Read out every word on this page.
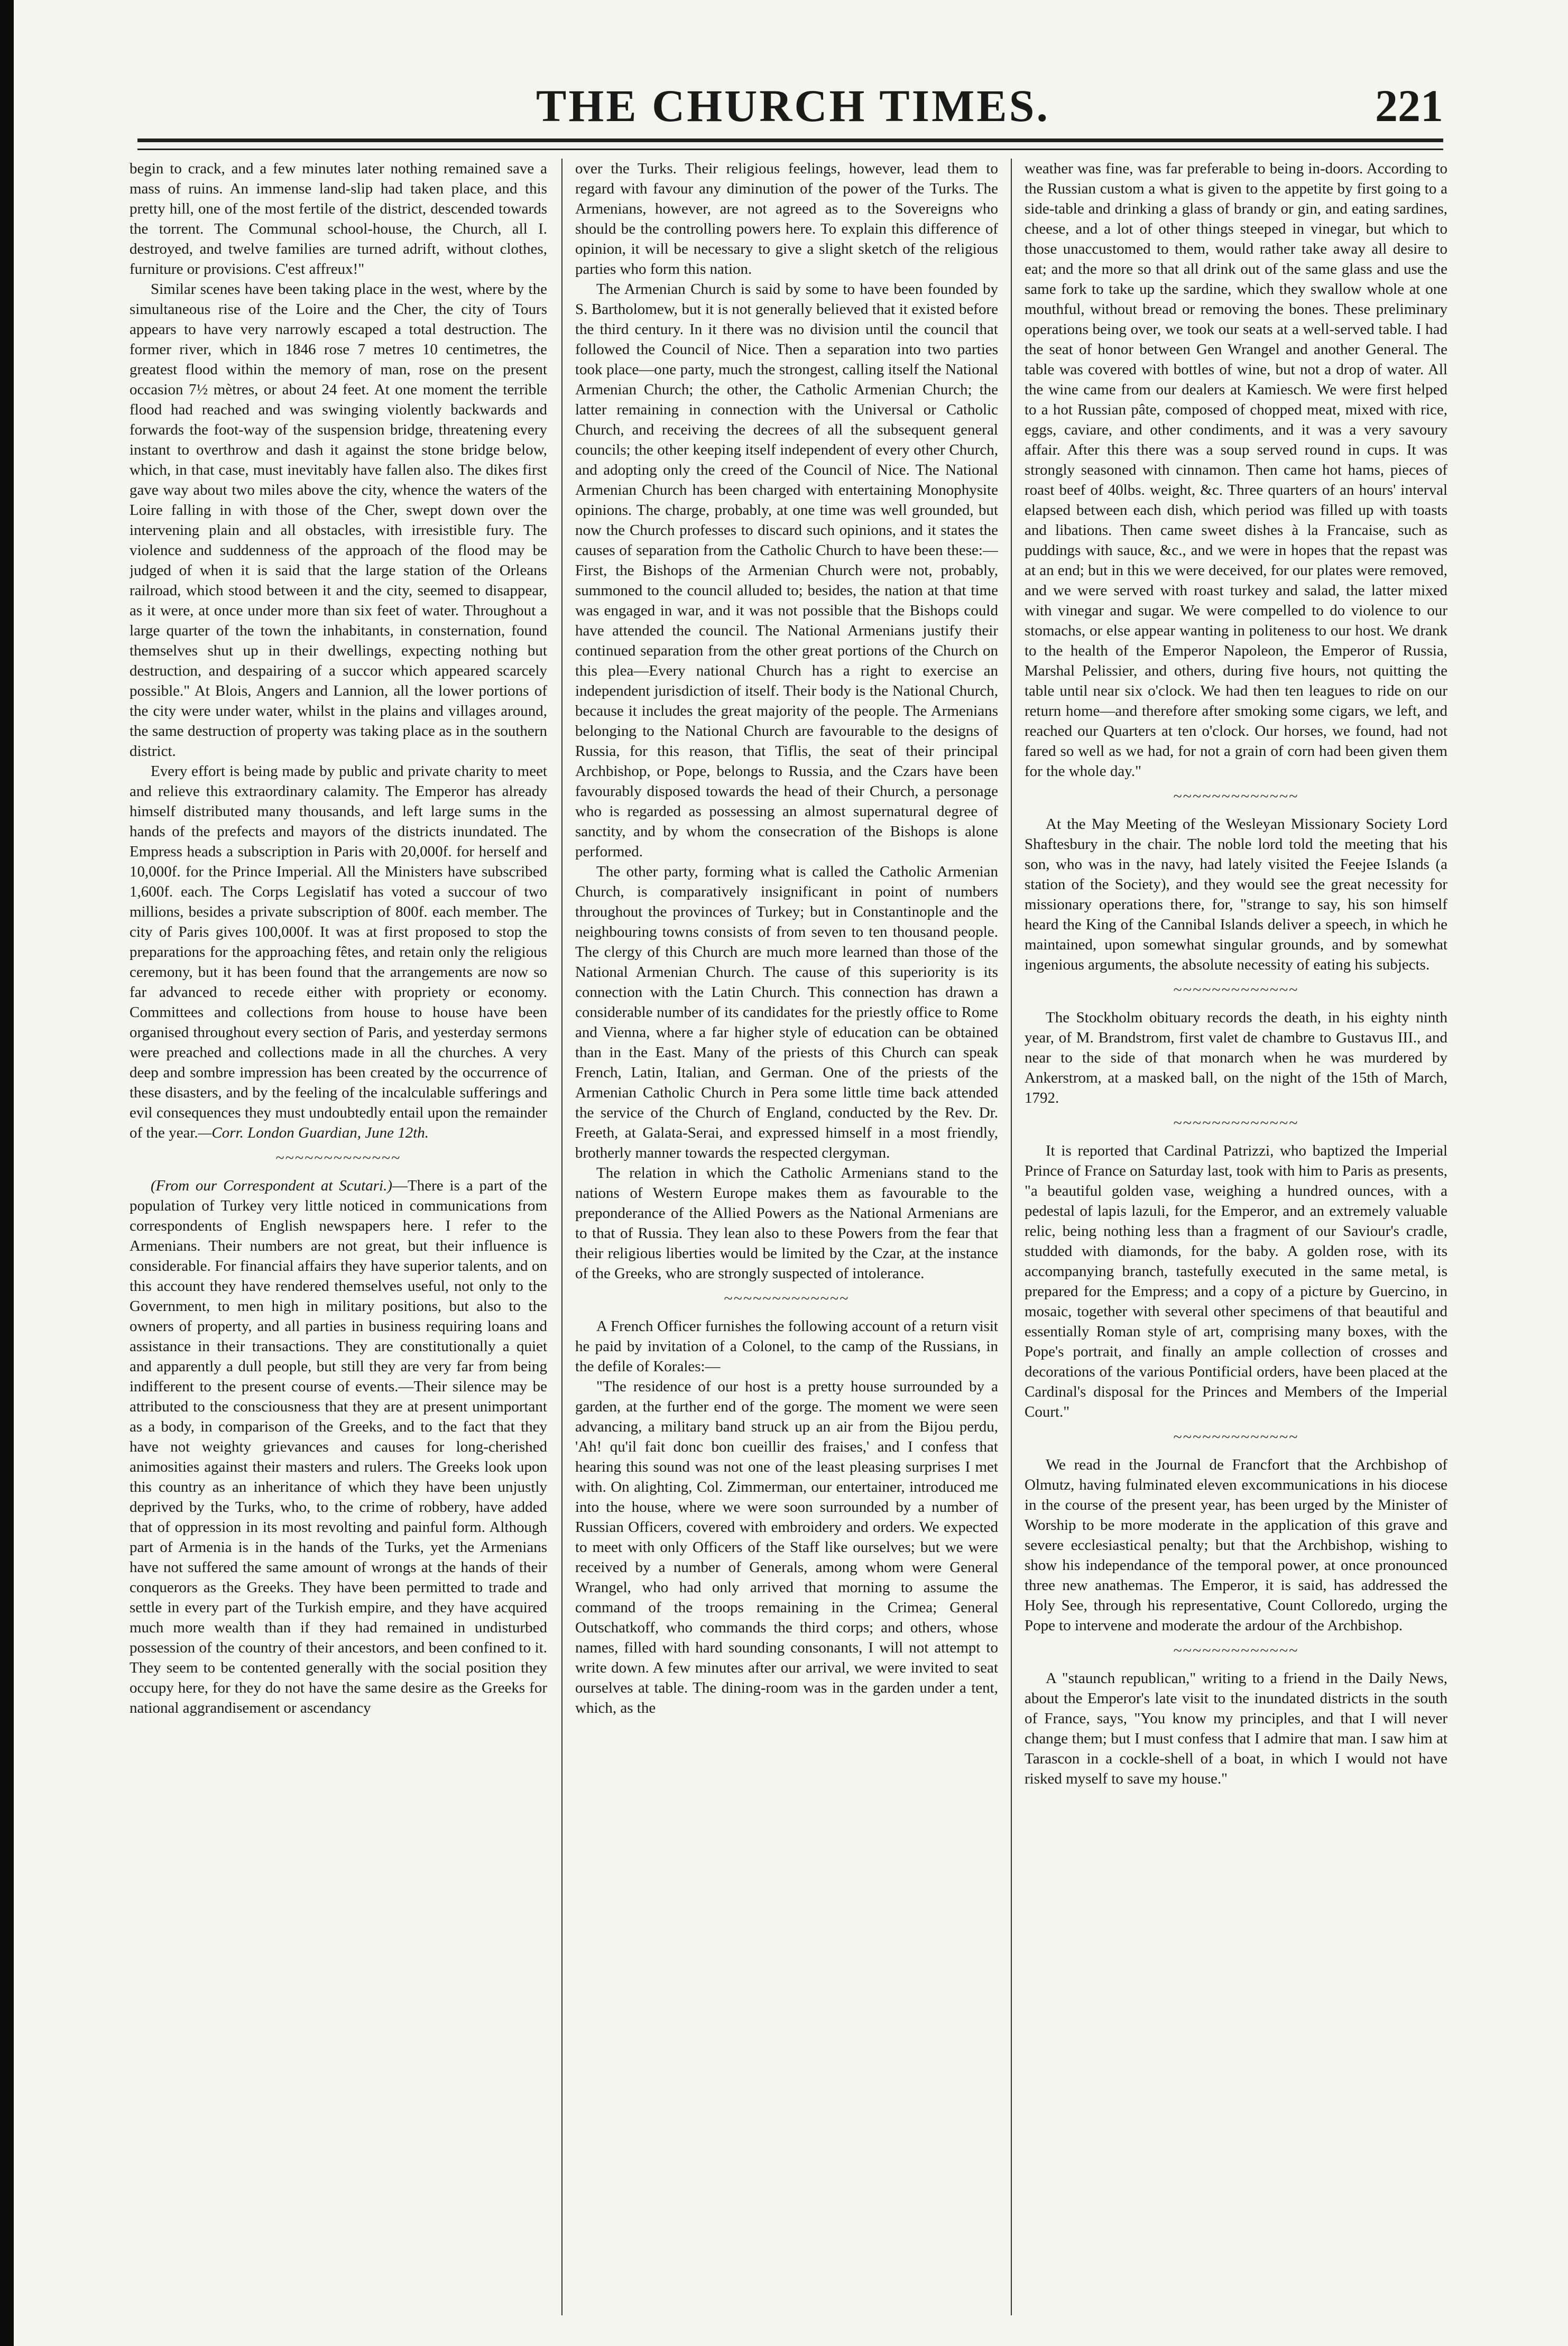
THE CHURCH TIMES.	221

begin to crack, and a few minutes later nothing remained save a mass of ruins. An immense land-slip had taken place, and this pretty hill, one of the most fertile of the district, descended towards the torrent. The Communal school-house, the Church, all I. destroyed, and twelve families are turned adrift, without clothes, furniture or provisions. C'est affreux!"

Similar scenes have been taking place in the west, where by the simultaneous rise of the Loire and the Cher, the city of Tours appears to have very narrowly escaped a total destruction. The former river, which in 1846 rose 7 metres 10 centimetres, the greatest flood within the memory of man, rose on the present occasion 7½ mètres, or about 24 feet. At one moment the terrible flood had reached and was swinging violently backwards and forwards the foot-way of the suspension bridge, threatening every instant to overthrow and dash it against the stone bridge below, which, in that case, must inevitably have fallen also. The dikes first gave way about two miles above the city, whence the waters of the Loire falling in with those of the Cher, swept down over the intervening plain and all obstacles, with irresistible fury. The violence and suddenness of the approach of the flood may be judged of when it is said that the large station of the Orleans railroad, which stood between it and the city, seemed to disappear, as it were, at once under more than six feet of water. Throughout a large quarter of the town the inhabitants, in consternation, found themselves shut up in their dwellings, expecting nothing but destruction, and despairing of a succor which appeared scarcely possible." At Blois, Angers and Lannion, all the lower portions of the city were under water, whilst in the plains and villages around, the same destruction of property was taking place as in the southern district.

Every effort is being made by public and private charity to meet and relieve this extraordinary calamity. The Emperor has already himself distributed many thousands, and left large sums in the hands of the prefects and mayors of the districts inundated. The Empress heads a subscription in Paris with 20,000f. for herself and 10,000f. for the Prince Imperial. All the Ministers have subscribed 1,600f. each. The Corps Legislatif has voted a succour of two millions, besides a private subscription of 800f. each member. The city of Paris gives 100,000f. It was at first proposed to stop the preparations for the approaching fêtes, and retain only the religious ceremony, but it has been found that the arrangements are now so far advanced to recede either with propriety or economy. Committees and collections from house to house have been organised throughout every section of Paris, and yesterday sermons were preached and collections made in all the churches. A very deep and sombre impression has been created by the occurrence of these disasters, and by the feeling of the incalculable sufferings and evil consequences they must undoubtedly entail upon the remainder of the year.—Corr. London Guardian, June 12th.

~~~~~~~~~~~~~

(From our Correspondent at Scutari.)—There is a part of the population of Turkey very little noticed in communications from correspondents of English newspapers here. I refer to the Armenians. Their numbers are not great, but their influence is considerable. For financial affairs they have superior talents, and on this account they have rendered themselves useful, not only to the Government, to men high in military positions, but also to the owners of property, and all parties in business requiring loans and assistance in their transactions. They are constitutionally a quiet and apparently a dull people, but still they are very far from being indifferent to the present course of events.—Their silence may be attributed to the consciousness that they are at present unimportant as a body, in comparison of the Greeks, and to the fact that they have not weighty grievances and causes for long-cherished animosities against their masters and rulers. The Greeks look upon this country as an inheritance of which they have been unjustly deprived by the Turks, who, to the crime of robbery, have added that of oppression in its most revolting and painful form. Although part of Armenia is in the hands of the Turks, yet the Armenians have not suffered the same amount of wrongs at the hands of their conquerors as the Greeks. They have been permitted to trade and settle in every part of the Turkish empire, and they have acquired much more wealth than if they had remained in undisturbed possession of the country of their ancestors, and been confined to it. They seem to be contented generally with the social position they occupy here, for they do not have the same desire as the Greeks for national aggrandisement or ascendancy

over the Turks. Their religious feelings, however, lead them to regard with favour any diminution of the power of the Turks. The Armenians, however, are not agreed as to the Sovereigns who should be the controlling powers here. To explain this difference of opinion, it will be necessary to give a slight sketch of the religious parties who form this nation.

The Armenian Church is said by some to have been founded by S. Bartholomew, but it is not generally believed that it existed before the third century. In it there was no division until the council that followed the Council of Nice. Then a separation into two parties took place—one party, much the strongest, calling itself the National Armenian Church; the other, the Catholic Armenian Church; the latter remaining in connection with the Universal or Catholic Church, and receiving the decrees of all the subsequent general councils; the other keeping itself independent of every other Church, and adopting only the creed of the Council of Nice. The National Armenian Church has been charged with entertaining Monophysite opinions. The charge, probably, at one time was well grounded, but now the Church professes to discard such opinions, and it states the causes of separation from the Catholic Church to have been these:—First, the Bishops of the Armenian Church were not, probably, summoned to the council alluded to; besides, the nation at that time was engaged in war, and it was not possible that the Bishops could have attended the council. The National Armenians justify their continued separation from the other great portions of the Church on this plea—Every national Church has a right to exercise an independent jurisdiction of itself. Their body is the National Church, because it includes the great majority of the people. The Armenians belonging to the National Church are favourable to the designs of Russia, for this reason, that Tiflis, the seat of their principal Archbishop, or Pope, belongs to Russia, and the Czars have been favourably disposed towards the head of their Church, a personage who is regarded as possessing an almost supernatural degree of sanctity, and by whom the consecration of the Bishops is alone performed.

The other party, forming what is called the Catholic Armenian Church, is comparatively insignificant in point of numbers throughout the provinces of Turkey; but in Constantinople and the neighbouring towns consists of from seven to ten thousand people. The clergy of this Church are much more learned than those of the National Armenian Church. The cause of this superiority is its connection with the Latin Church. This connection has drawn a considerable number of its candidates for the priestly office to Rome and Vienna, where a far higher style of education can be obtained than in the East. Many of the priests of this Church can speak French, Latin, Italian, and German. One of the priests of the Armenian Catholic Church in Pera some little time back attended the service of the Church of England, conducted by the Rev. Dr. Freeth, at Galata-Serai, and expressed himself in a most friendly, brotherly manner towards the respected clergyman.

The relation in which the Catholic Armenians stand to the nations of Western Europe makes them as favourable to the preponderance of the Allied Powers as the National Armenians are to that of Russia. They lean also to these Powers from the fear that their religious liberties would be limited by the Czar, at the instance of the Greeks, who are strongly suspected of intolerance.

~~~~~~~~~~~~~

A French Officer furnishes the following account of a return visit he paid by invitation of a Colonel, to the camp of the Russians, in the defile of Korales:—

"The residence of our host is a pretty house surrounded by a garden, at the further end of the gorge. The moment we were seen advancing, a military band struck up an air from the Bijou perdu, 'Ah! qu'il fait donc bon cueillir des fraises,' and I confess that hearing this sound was not one of the least pleasing surprises I met with. On alighting, Col. Zimmerman, our entertainer, introduced me into the house, where we were soon surrounded by a number of Russian Officers, covered with embroidery and orders. We expected to meet with only Officers of the Staff like ourselves; but we were received by a number of Generals, among whom were General Wrangel, who had only arrived that morning to assume the command of the troops remaining in the Crimea; General Outschatkoff, who commands the third corps; and others, whose names, filled with hard sounding consonants, I will not attempt to write down. A few minutes after our arrival, we were invited to seat ourselves at table. The dining-room was in the garden under a tent, which, as the

weather was fine, was far preferable to being in-doors. According to the Russian custom a what is given to the appetite by first going to a side-table and drinking a glass of brandy or gin, and eating sardines, cheese, and a lot of other things steeped in vinegar, but which to those unaccustomed to them, would rather take away all desire to eat; and the more so that all drink out of the same glass and use the same fork to take up the sardine, which they swallow whole at one mouthful, without bread or removing the bones. These preliminary operations being over, we took our seats at a well-served table. I had the seat of honor between Gen Wrangel and another General. The table was covered with bottles of wine, but not a drop of water. All the wine came from our dealers at Kamiesch. We were first helped to a hot Russian pâte, composed of chopped meat, mixed with rice, eggs, caviare, and other condiments, and it was a very savoury affair. After this there was a soup served round in cups. It was strongly seasoned with cinnamon. Then came hot hams, pieces of roast beef of 40lbs. weight, &c. Three quarters of an hours' interval elapsed between each dish, which period was filled up with toasts and libations. Then came sweet dishes à la Francaise, such as puddings with sauce, &c., and we were in hopes that the repast was at an end; but in this we were deceived, for our plates were removed, and we were served with roast turkey and salad, the latter mixed with vinegar and sugar. We were compelled to do violence to our stomachs, or else appear wanting in politeness to our host. We drank to the health of the Emperor Napoleon, the Emperor of Russia, Marshal Pelissier, and others, during five hours, not quitting the table until near six o'clock. We had then ten leagues to ride on our return home—and therefore after smoking some cigars, we left, and reached our Quarters at ten o'clock. Our horses, we found, had not fared so well as we had, for not a grain of corn had been given them for the whole day."

~~~~~~~~~~~~~

At the May Meeting of the Wesleyan Missionary Society Lord Shaftesbury in the chair. The noble lord told the meeting that his son, who was in the navy, had lately visited the Feejee Islands (a station of the Society), and they would see the great necessity for missionary operations there, for, "strange to say, his son himself heard the King of the Cannibal Islands deliver a speech, in which he maintained, upon somewhat singular grounds, and by somewhat ingenious arguments, the absolute necessity of eating his subjects.

~~~~~~~~~~~~~

The Stockholm obituary records the death, in his eighty ninth year, of M. Brandstrom, first valet de chambre to Gustavus III., and near to the side of that monarch when he was murdered by Ankerstrom, at a masked ball, on the night of the 15th of March, 1792.

~~~~~~~~~~~~~

It is reported that Cardinal Patrizzi, who baptized the Imperial Prince of France on Saturday last, took with him to Paris as presents, "a beautiful golden vase, weighing a hundred ounces, with a pedestal of lapis lazuli, for the Emperor, and an extremely valuable relic, being nothing less than a fragment of our Saviour's cradle, studded with diamonds, for the baby. A golden rose, with its accompanying branch, tastefully executed in the same metal, is prepared for the Empress; and a copy of a picture by Guercino, in mosaic, together with several other specimens of that beautiful and essentially Roman style of art, comprising many boxes, with the Pope's portrait, and finally an ample collection of crosses and decorations of the various Pontificial orders, have been placed at the Cardinal's disposal for the Princes and Members of the Imperial Court."

~~~~~~~~~~~~~

We read in the Journal de Francfort that the Archbishop of Olmutz, having fulminated eleven excommunications in his diocese in the course of the present year, has been urged by the Minister of Worship to be more moderate in the application of this grave and severe ecclesiastical penalty; but that the Archbishop, wishing to show his independance of the temporal power, at once pronounced three new anathemas. The Emperor, it is said, has addressed the Holy See, through his representative, Count Colloredo, urging the Pope to intervene and moderate the ardour of the Archbishop.

~~~~~~~~~~~~~

A "staunch republican," writing to a friend in the Daily News, about the Emperor's late visit to the inundated districts in the south of France, says, "You know my principles, and that I will never change them; but I must confess that I admire that man. I saw him at Tarascon in a cockle-shell of a boat, in which I would not have risked myself to save my house."
